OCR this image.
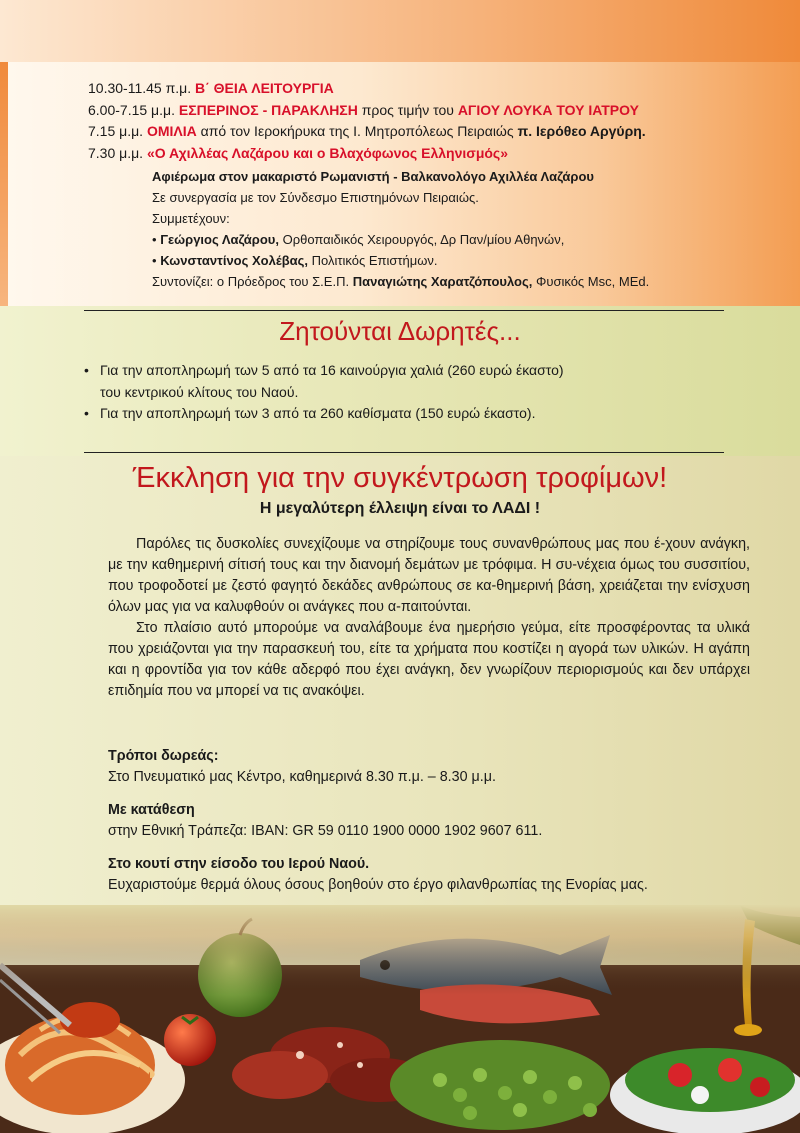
10.30-11.45 π.μ. Β΄ ΘΕΙΑ ΛΕΙΤΟΥΡΓΙΑ
6.00-7.15 μ.μ. ΕΣΠΕΡΙΝΟΣ - ΠΑΡΑΚΛΗΣΗ προς τιμήν του ΑΓΙΟΥ ΛΟΥΚΑ ΤΟΥ ΙΑΤΡΟΥ
7.15 μ.μ. ΟΜΙΛΙΑ από τον Ιεροκήρυκα της Ι. Μητροπόλεως Πειραιώς π. Ιερόθεο Αργύρη.
7.30 μ.μ. «Ο Αχιλλέας Λαζάρου και ο Βλαχόφωνος Ελληνισμός»
Αφιέρωμα στον μακαριστό Ρωμανιστή - Βαλκανολόγο Αχιλλέα Λαζάρου
Σε συνεργασία με τον Σύνδεσμο Επιστημόνων Πειραιώς.
Συμμετέχουν:
• Γεώργιος Λαζάρου, Ορθοπαιδικός Χειρουργός, Δρ Παν/μίου Αθηνών,
• Κωνσταντίνος Χολέβας, Πολιτικός Επιστήμων.
Συντονίζει: ο Πρόεδρος του Σ.Ε.Π. Παναγιώτης Χαρατζόπουλος, Φυσικός Msc, MEd.
Ζητούνται Δωρητές...
• Για την αποπληρωμή των 5 από τα 16 καινούργια χαλιά (260 ευρώ έκαστο)
του κεντρικού κλίτους του Ναού.
• Για την αποπληρωμή των 3 από τα 260 καθίσματα (150 ευρώ έκαστο).
Έκκληση για την συγκέντρωση τροφίμων!
Η μεγαλύτερη έλλειψη είναι το ΛΑΔΙ !

Παρόλες τις δυσκολίες συνεχίζουμε να στηρίζουμε τους συνανθρώπους μας που έ-χουν ανάγκη, με την καθημερινή σίτισή τους και την διανομή δεμάτων με τρόφιμα. Η συ-νέχεια όμως του συσσιτίου, που τροφοδοτεί με ζεστό φαγητό δεκάδες ανθρώπους σε κα-θημερινή βάση, χρειάζεται την ενίσχυση όλων μας για να καλυφθούν οι ανάγκες που α-παιτούνται.

Στο πλαίσιο αυτό μπορούμε να αναλάβουμε ένα ημερήσιο γεύμα, είτε προσφέροντας τα υλικά που χρειάζονται για την παρασκευή του, είτε τα χρήματα που κοστίζει η αγορά των υλικών. Η αγάπη και η φροντίδα για τον κάθε αδερφό που έχει ανάγκη, δεν γνωρίζουν περιορισμούς και δεν υπάρχει επιδημία που να μπορεί να τις ανακόψει.

Τρόποι δωρεάς:
Στο Πνευματικό μας Κέντρο, καθημερινά 8.30 π.μ. – 8.30 μ.μ.
Με κατάθεση
στην Εθνική Τράπεζα: IBAN: GR 59 0110 1900 0000 1902 9607 611.
Στο κουτί στην είσοδο του Ιερού Ναού.
Ευχαριστούμε θερμά όλους όσους βοηθούν στο έργο φιλανθρωπίας της Ενορίας μας.
